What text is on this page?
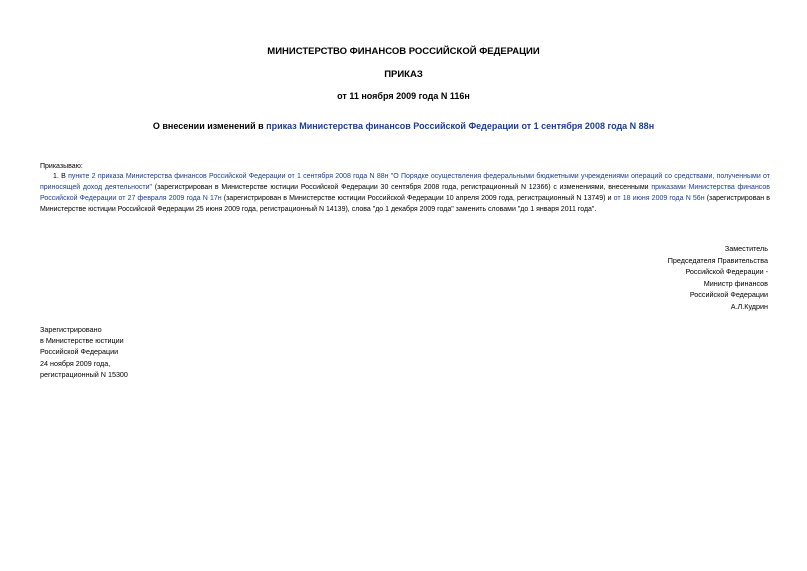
МИНИСТЕРСТВО ФИНАНСОВ РОССИЙСКОЙ ФЕДЕРАЦИИ
ПРИКАЗ
от 11 ноября 2009 года N 116н
О внесении изменений в приказ Министерства финансов Российской Федерации от 1 сентября 2008 года N 88н
Приказываю:
1. В пункте 2 приказа Министерства финансов Российской Федерации от 1 сентября 2008 года N 88н "О Порядке осуществления федеральными бюджетными учреждениями операций со средствами, полученными от приносящей доход деятельности" (зарегистрирован в Министерстве юстиции Российской Федерации 30 сентября 2008 года, регистрационный N 12366) с изменениями, внесенными приказами Министерства финансов Российской Федерации от 27 февраля 2009 года N 17н (зарегистрирован в Министерстве юстиции Российской Федерации 10 апреля 2009 года, регистрационный N 13749) и от 18 июня 2009 года N 56н (зарегистрирован в Министерстве юстиции Российской Федерации 25 июня 2009 года, регистрационный N 14139), слова "до 1 декабря 2009 года" заменить словами "до 1 января 2011 года".
Заместитель
Председателя Правительства
Российской Федерации -
Министр финансов
Российской Федерации
А.Л.Кудрин
Зарегистрировано
в Министерстве юстиции
Российской Федерации
24 ноября 2009 года,
регистрационный N 15300
